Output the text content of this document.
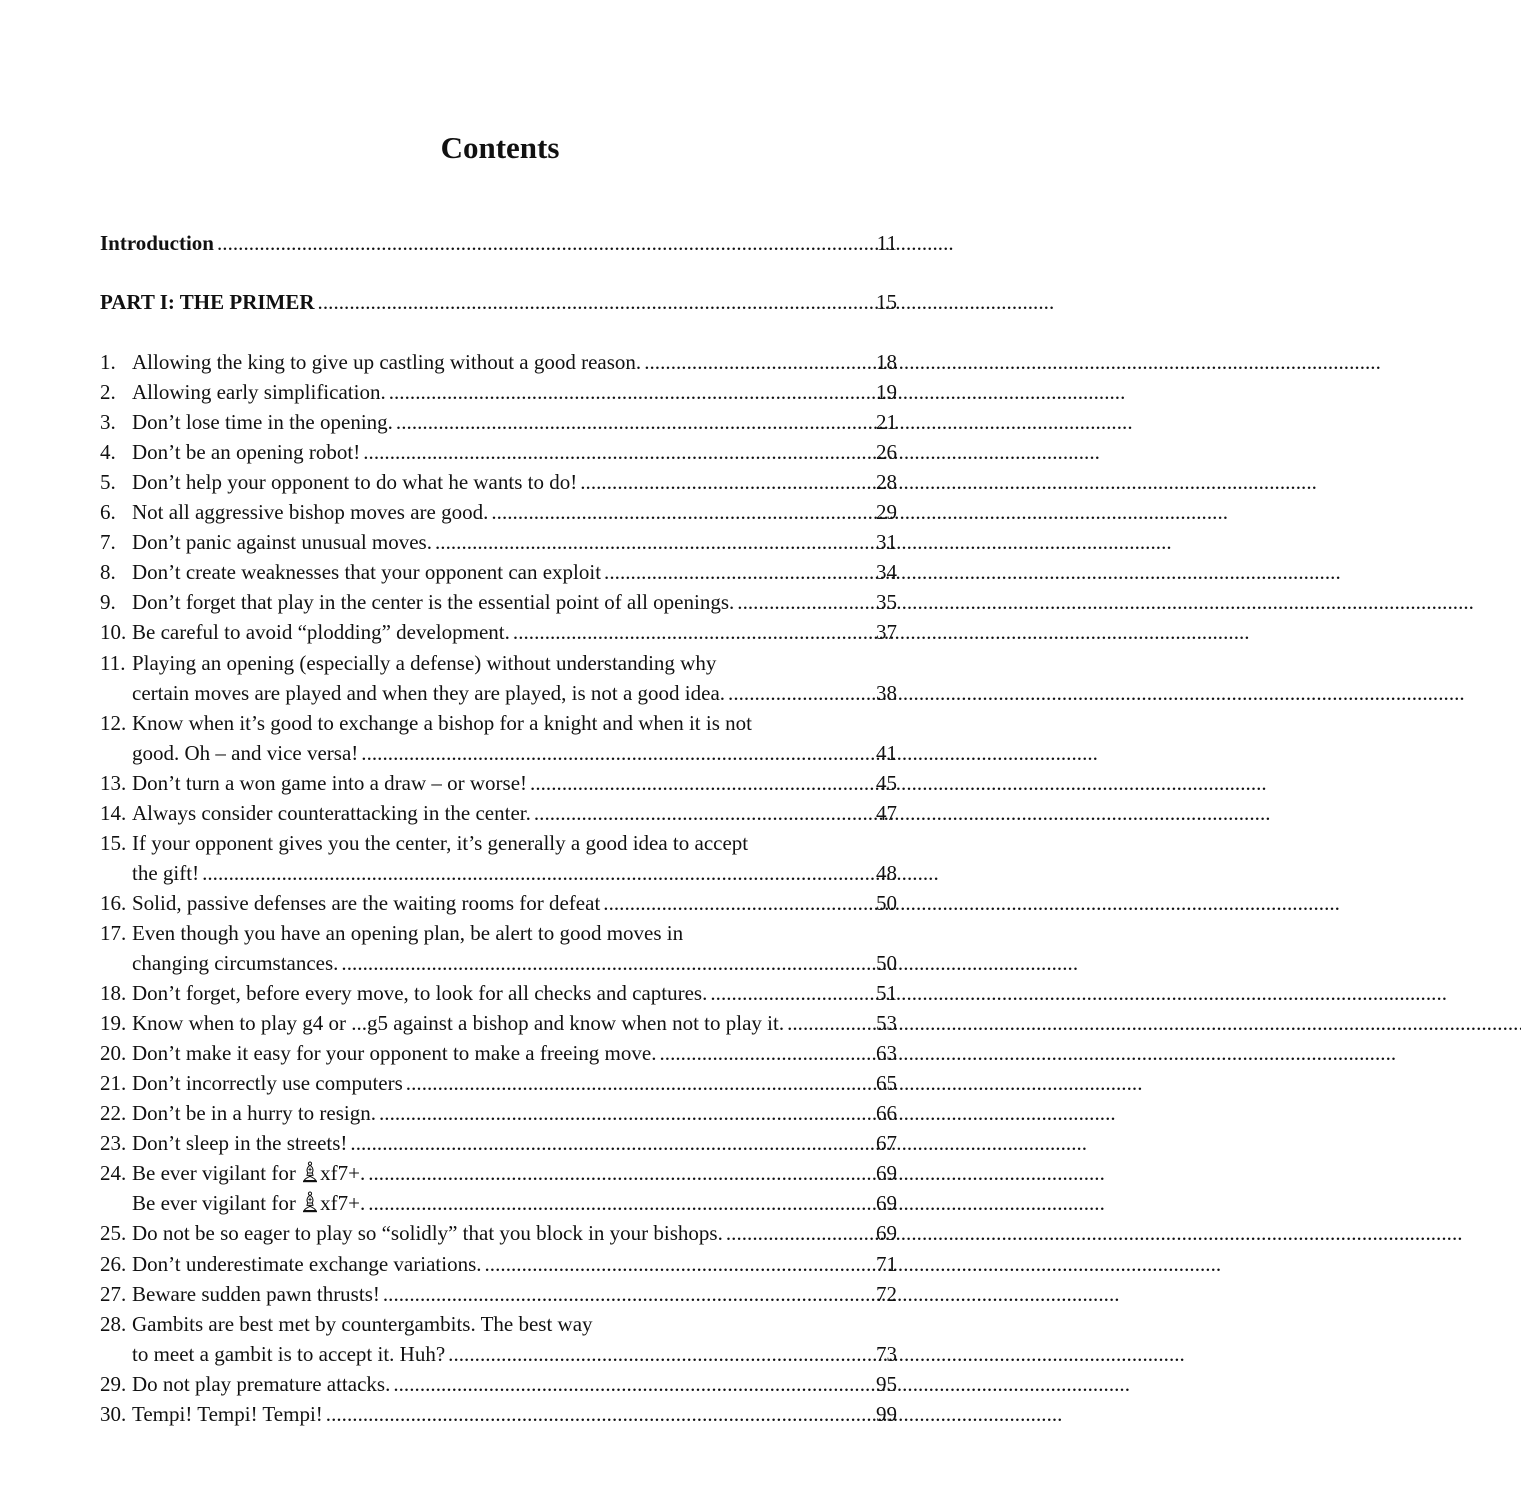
Contents
Introduction . . .	11
PART I: THE PRIMER . . .	15
1. Allowing the king to give up castling without a good reason. . . .	18
2. Allowing early simplification. . . .	19
3. Don’t lose time in the opening. . . .	21
4. Don’t be an opening robot! . . .	26
5. Don’t help your opponent to do what he wants to do! . . .	28
6. Not all aggressive bishop moves are good. . . .	29
7. Don’t panic against unusual moves. . . .	31
8. Don’t create weaknesses that your opponent can exploit . . .	34
9. Don’t forget that play in the center is the essential point of all openings. . . .	35
10. Be careful to avoid “plodding” development. . . .	37
11. Playing an opening (especially a defense) without understanding why
certain moves are played and when they are played, is not a good idea. . . .	38
12. Know when it’s good to exchange a bishop for a knight and when it is not
good. Oh – and vice versa! . . .	41
13. Don’t turn a won game into a draw – or worse! . . .	45
14. Always consider counterattacking in the center. . . .	47
15. If your opponent gives you the center, it’s generally a good idea to accept
the gift! . . .	48
16. Solid, passive defenses are the waiting rooms for defeat . . .	50
17. Even though you have an opening plan, be alert to good moves in
changing circumstances. . . .	50
18. Don’t forget, before every move, to look for all checks and captures. . . .	51
19. Know when to play g4 or ...g5 against a bishop and know when not to play it. . . .	53
20. Don’t make it easy for your opponent to make a freeing move. . . .	63
21. Don’t incorrectly use computers . . .	65
22. Don’t be in a hurry to resign. . . .	66
23. Don’t sleep in the streets! . . .	67
24. Be ever vigilant for xf7+. . . .	69
Be ever vigilant for xf7+. . . .	69
25. Do not be so eager to play so “solidly” that you block in your bishops. . . .	69
26. Don’t underestimate exchange variations. . . .	71
27. Beware sudden pawn thrusts! . . .	72
28. Gambits are best met by countergambits. The best way
to meet a gambit is to accept it. Huh? . . .	73
29. Do not play premature attacks. . . .	95
30. Tempi! Tempi! Tempi! . . .	99
